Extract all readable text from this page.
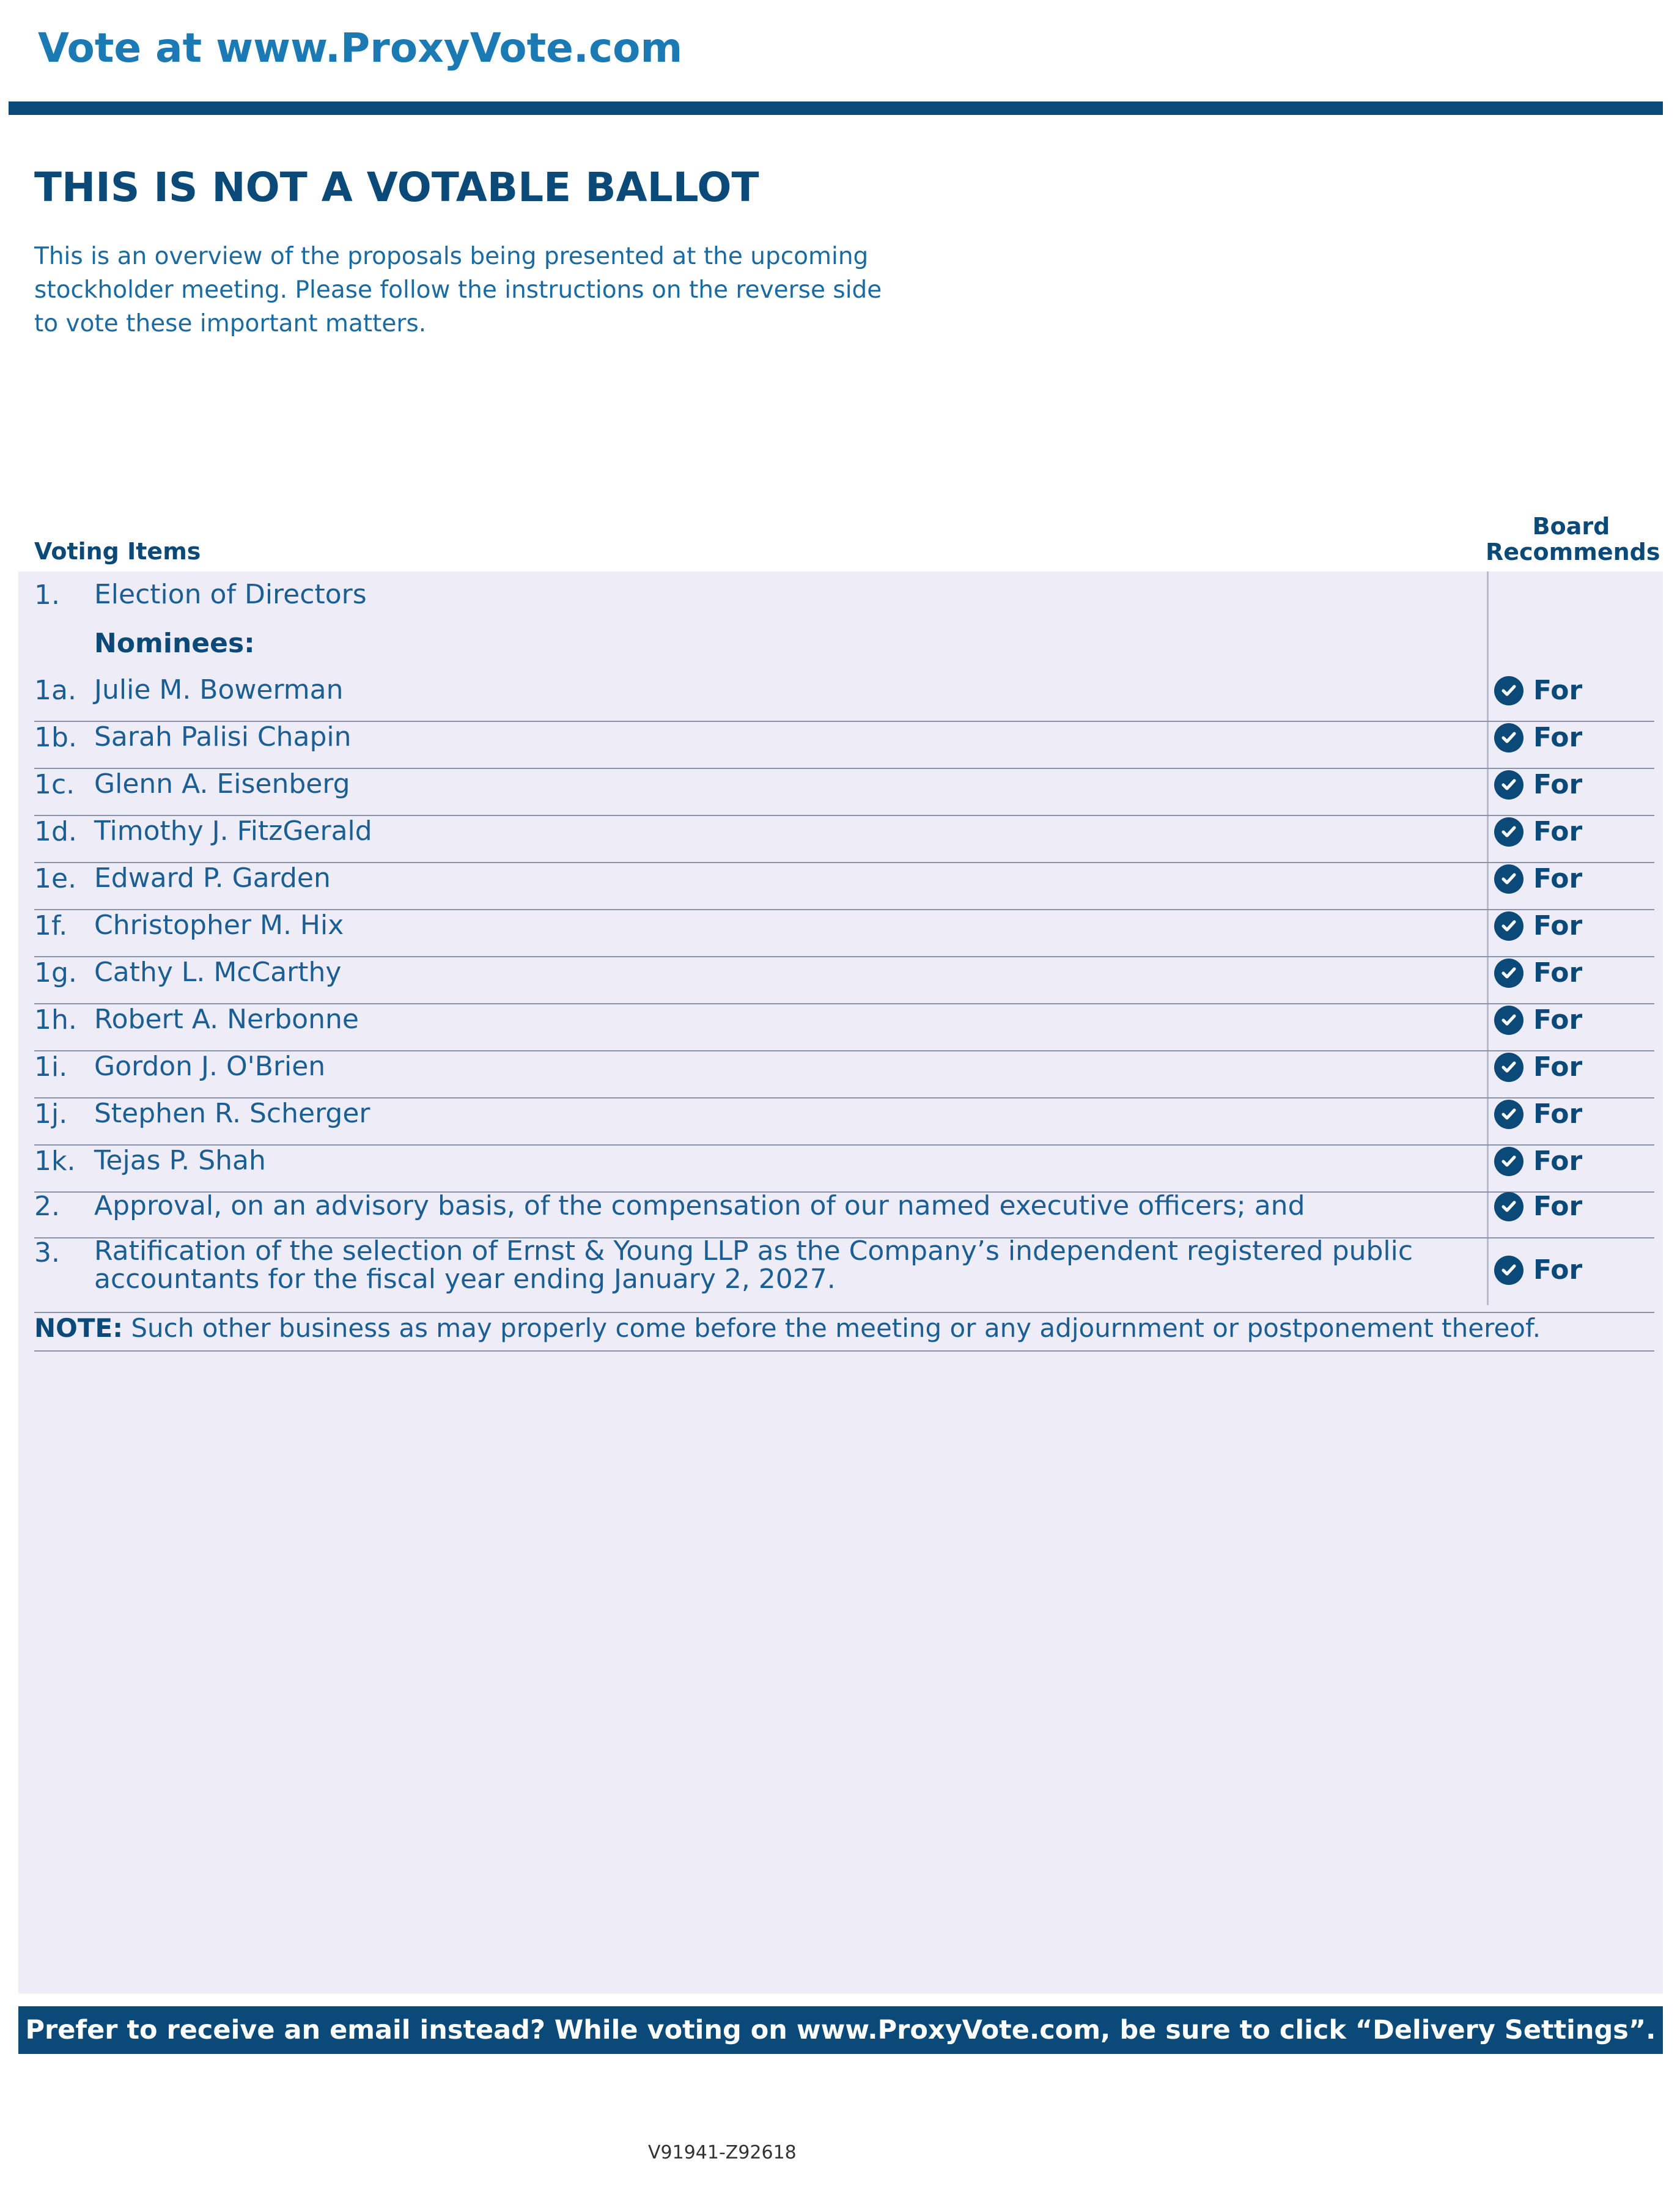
Vote at www.ProxyVote.com
THIS IS NOT A VOTABLE BALLOT
This is an overview of the proposals being presented at the upcoming stockholder meeting. Please follow the instructions on the reverse side to vote these important matters.
Voting Items
Board Recommends
1. Election of Directors
Nominees:
1a. Julie M. Bowerman	For
1b. Sarah Palisi Chapin	For
1c. Glenn A. Eisenberg	For
1d. Timothy J. FitzGerald	For
1e. Edward P. Garden	For
1f. Christopher M. Hix	For
1g. Cathy L. McCarthy	For
1h. Robert A. Nerbonne	For
1i. Gordon J. O'Brien	For
1j. Stephen R. Scherger	For
1k. Tejas P. Shah	For
2. Approval, on an advisory basis, of the compensation of our named executive officers; and	For
3. Ratification of the selection of Ernst & Young LLP as the Company’s independent registered public accountants for the fiscal year ending January 2, 2027.	For
NOTE: Such other business as may properly come before the meeting or any adjournment or postponement thereof.
Prefer to receive an email instead? While voting on www.ProxyVote.com, be sure to click “Delivery Settings”.
V91941-Z92618
